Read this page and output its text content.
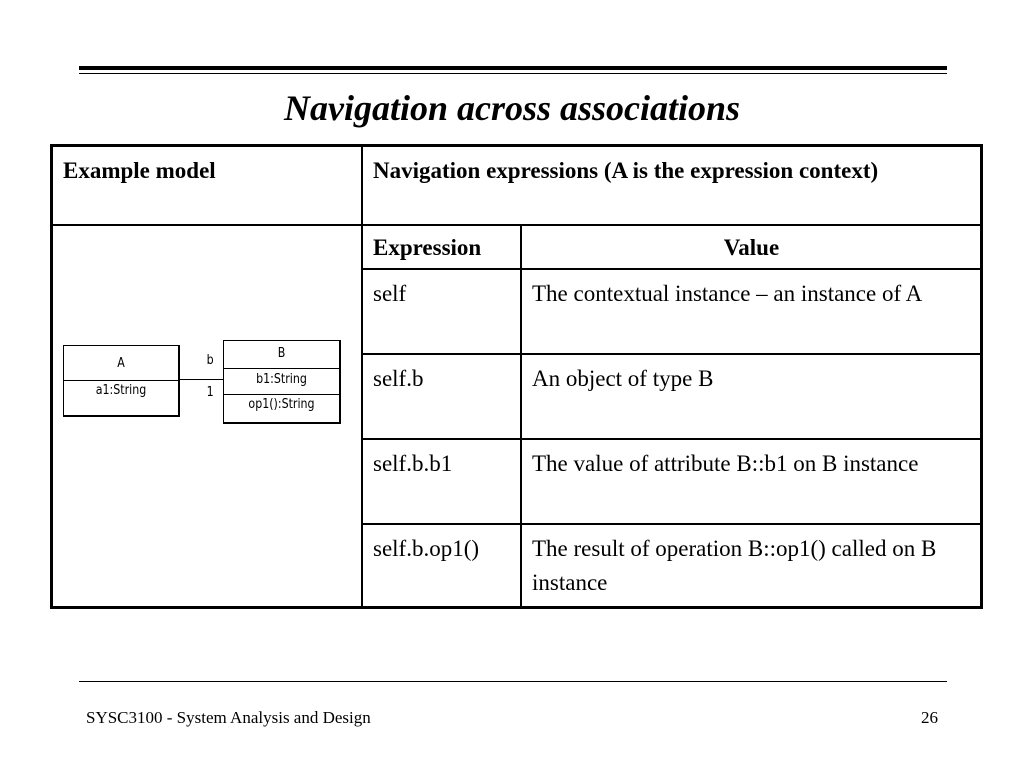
Navigation across associations
Example model	Navigation expressions (A is the expression context)
Expression	Value
self	The contextual instance – an instance of A
self.b	An object of type B
self.b.b1	The value of attribute B::b1 on B instance
self.b.op1()	The result of operation B::op1() called on B instance
A
a1:String
b
1
B
b1:String
op1():String
SYSC3100 - System Analysis and Design	26
